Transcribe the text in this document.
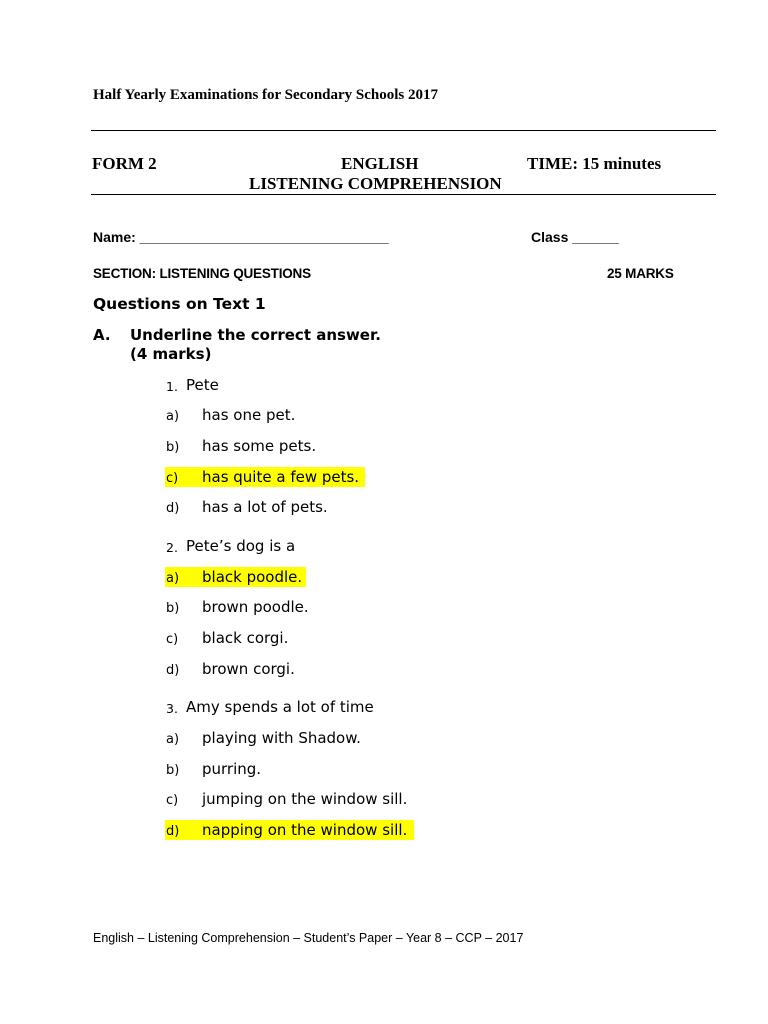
Half Yearly Examinations for Secondary Schools 2017
FORM 2	ENGLISH	TIME: 15 minutes
LISTENING COMPREHENSION
Name: ________________________________	Class ______
SECTION: LISTENING QUESTIONS	25 MARKS
Questions on Text 1
A. Underline the correct answer.
(4 marks)
1. Pete
a) has one pet.
b) has some pets.
c) has quite a few pets.
d) has a lot of pets.
2. Pete’s dog is a
a) black poodle.
b) brown poodle.
c) black corgi.
d) brown corgi.
3. Amy spends a lot of time
a) playing with Shadow.
b) purring.
c) jumping on the window sill.
d) napping on the window sill.
English – Listening Comprehension – Student’s Paper – Year 8 – CCP – 2017
